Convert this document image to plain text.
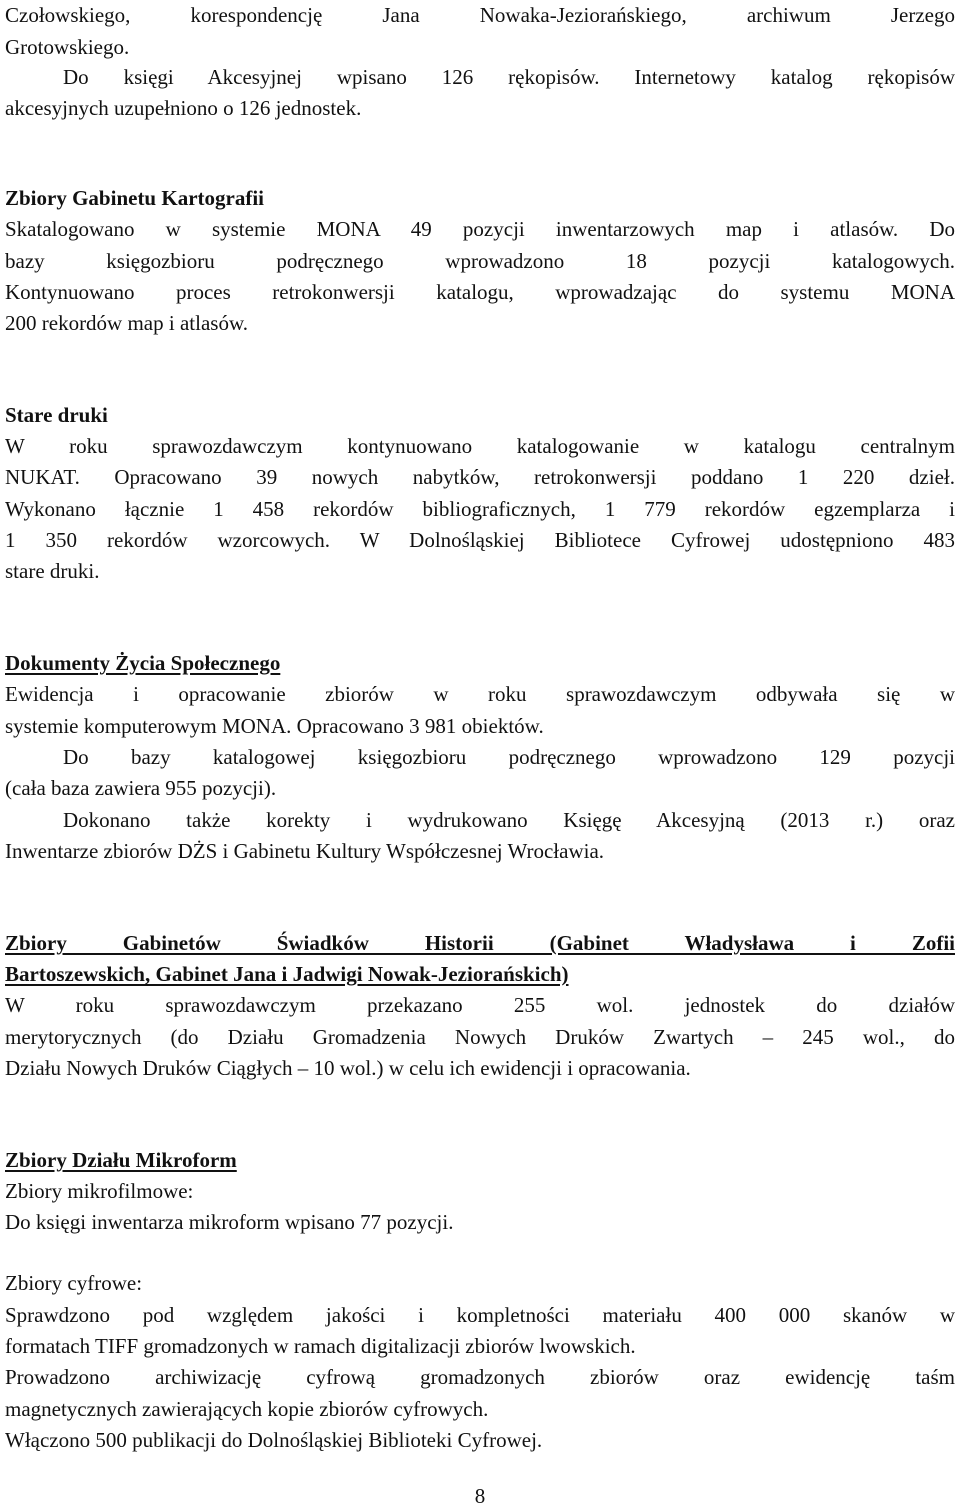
Czołowskiego, korespondencję Jana Nowaka-Jeziorańskiego, archiwum Jerzego
Grotowskiego.
Do księgi Akcesyjnej wpisano 126 rękopisów. Internetowy katalog rękopisów
akcesyjnych uzupełniono o 126 jednostek.
Zbiory Gabinetu Kartografii
Skatalogowano w systemie MONA 49 pozycji inwentarzowych map i atlasów. Do
bazy księgozbioru podręcznego wprowadzono 18 pozycji katalogowych.
Kontynuowano proces retrokonwersji katalogu, wprowadzając do systemu MONA
200 rekordów map i atlasów.
Stare druki
W roku sprawozdawczym kontynuowano katalogowanie w katalogu centralnym
NUKAT. Opracowano 39 nowych nabytków, retrokonwersji poddano 1 220 dzieł.
Wykonano łącznie 1 458 rekordów bibliograficznych, 1 779 rekordów egzemplarza i
1 350 rekordów wzorcowych. W Dolnośląskiej Bibliotece Cyfrowej udostępniono 483
stare druki.
Dokumenty Życia Społecznego
Ewidencja i opracowanie zbiorów w roku sprawozdawczym odbywała się w
systemie komputerowym MONA. Opracowano 3 981 obiektów.
Do bazy katalogowej księgozbioru podręcznego wprowadzono 129 pozycji
(cała baza zawiera 955 pozycji).
Dokonano także korekty i wydrukowano Księgę Akcesyjną (2013 r.) oraz
Inwentarze zbiorów DŻS i Gabinetu Kultury Współczesnej Wrocławia.
Zbiory Gabinetów Świadków Historii (Gabinet Władysława i Zofii
Bartoszewskich, Gabinet Jana i Jadwigi Nowak-Jeziorańskich)
W roku sprawozdawczym przekazano 255 wol. jednostek do działów
merytorycznych (do Działu Gromadzenia Nowych Druków Zwartych – 245 wol., do
Działu Nowych Druków Ciągłych – 10 wol.) w celu ich ewidencji i opracowania.
Zbiory Działu Mikroform
Zbiory mikrofilmowe:
Do księgi inwentarza mikroform wpisano 77 pozycji.
Zbiory cyfrowe:
Sprawdzono pod względem jakości i kompletności materiału 400 000 skanów w
formatach TIFF gromadzonych w ramach digitalizacji zbiorów lwowskich.
Prowadzono archiwizację cyfrową gromadzonych zbiorów oraz ewidencję taśm
magnetycznych zawierających kopie zbiorów cyfrowych.
Włączono 500 publikacji do Dolnośląskiej Biblioteki Cyfrowej.
8
